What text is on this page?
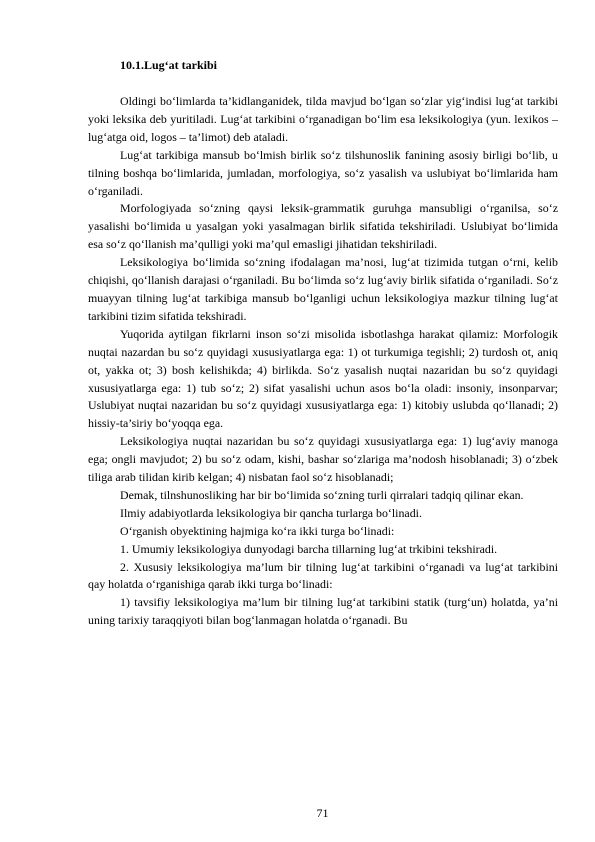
10.1.Lug‘at tarkibi

Oldingi bo‘limlarda ta’kidlanganidek, tilda mavjud bo‘lgan so‘zlar yig‘indisi lug‘at tarkibi yoki leksika deb yuritiladi. Lug‘at tarkibini o‘rganadigan bo‘lim esa leksikologiya (yun. lexikos – lug‘atga oid, logos – ta’limot) deb ataladi.

Lug‘at tarkibiga mansub bo‘lmish birlik so‘z tilshunoslik fanining asosiy birligi bo‘lib, u tilning boshqa bo‘limlarida, jumladan, morfologiya, so‘z yasalish va uslubiyat bo‘limlarida ham o‘rganiladi.

Morfologiyada so‘zning qaysi leksik-grammatik guruhga mansubligi o‘rganilsa, so‘z yasalishi bo‘limida u yasalgan yoki yasalmagan birlik sifatida tekshiriladi. Uslubiyat bo‘limida esa so‘z qo‘llanish ma’qulligi yoki ma’qul emasligi jihatidan tekshiriladi.

Leksikologiya bo‘limida so‘zning ifodalagan ma’nosi, lug‘at tizimida tutgan o‘rni, kelib chiqishi, qo‘llanish darajasi o‘rganiladi. Bu bo‘limda so‘z lug‘aviy birlik sifatida o‘rganiladi. So‘z muayyan tilning lug‘at tarkibiga mansub bo‘lganligi uchun leksikologiya mazkur tilning lug‘at tarkibini tizim sifatida tekshiradi.

Yuqorida aytilgan fikrlarni inson so‘zi misolida isbotlashga harakat qilamiz: Morfologik nuqtai nazardan bu so‘z quyidagi xususiyatlarga ega: 1) ot turkumiga tegishli; 2) turdosh ot, aniq ot, yakka ot; 3) bosh kelishikda; 4) birlikda. So‘z yasalish nuqtai nazaridan bu so‘z quyidagi xususiyatlarga ega: 1) tub so‘z; 2) sifat yasalishi uchun asos bo‘la oladi: insoniy, insonparvar; Uslubiyat nuqtai nazaridan bu so‘z quyidagi xususiyatlarga ega: 1) kitobiy uslubda qo‘llanadi; 2) hissiy-ta’siriy bo‘yoqqa ega.

Leksikologiya nuqtai nazaridan bu so‘z quyidagi xususiyatlarga ega: 1) lug‘aviy manoga ega; ongli mavjudot; 2) bu so‘z odam, kishi, bashar so‘zlariga ma’nodosh hisoblanadi; 3) o‘zbek tiliga arab tilidan kirib kelgan; 4) nisbatan faol so‘z hisoblanadi;

Demak, tilnshunosliking har bir bo‘limida so‘zning turli qirralari tadqiq qilinar ekan.

Ilmiy adabiyotlarda leksikologiya bir qancha turlarga bo‘linadi.

O‘rganish obyektining hajmiga ko‘ra ikki turga bo‘linadi:

1. Umumiy leksikologiya dunyodagi barcha tillarning lug‘at trkibini tekshiradi.

2. Xususiy leksikologiya ma’lum bir tilning lug‘at tarkibini o‘rganadi va lug‘at tarkibini qay holatda o‘rganishiga qarab ikki turga bo‘linadi:

1) tavsifiy leksikologiya ma’lum bir tilning lug‘at tarkibini statik (turg‘un) holatda, ya’ni uning tarixiy taraqqiyoti bilan bog‘lanmagan holatda o‘rganadi. Bu

71
